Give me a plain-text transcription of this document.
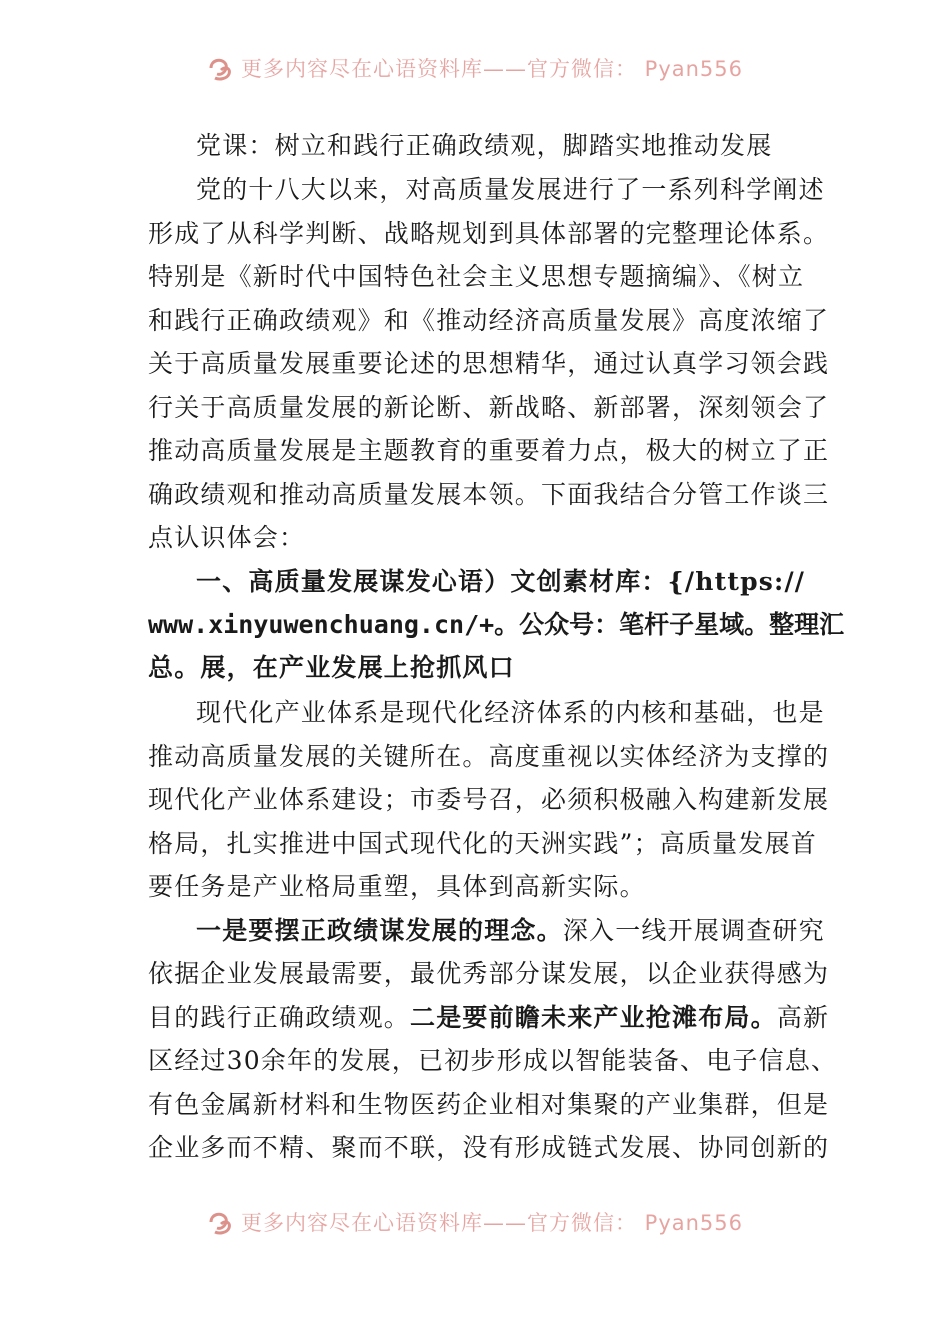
更多内容尽在心语资料库——官方微信： Pyan556
党课：树立和践行正确政绩观，脚踏实地推动发展
党的十八大以来，对高质量发展进行了一系列科学阐述
形成了从科学判断、战略规划到具体部署的完整理论体系。
特别是《新时代中国特色社会主义思想专题摘编》、《树立
和践行正确政绩观》和《推动经济高质量发展》高度浓缩了
关于高质量发展重要论述的思想精华，通过认真学习领会践
行关于高质量发展的新论断、新战略、新部署，深刻领会了
推动高质量发展是主题教育的重要着力点，极大的树立了正
确政绩观和推动高质量发展本领。下面我结合分管工作谈三
点认识体会：
一、高质量发展谋发心语）文创素材库：{/https://
www.xinyuwenchuang.cn/+。公众号：笔杆子星域。整理汇
总。展，在产业发展上抢抓风口
现代化产业体系是现代化经济体系的内核和基础，也是
推动高质量发展的关键所在。高度重视以实体经济为支撑的
现代化产业体系建设；市委号召，必须积极融入构建新发展
格局，扎实推进中国式现代化的天洲实践”；高质量发展首
要任务是产业格局重塑，具体到高新实际。
一是要摆正政绩谋发展的理念。深入一线开展调查研究
依据企业发展最需要，最优秀部分谋发展，以企业获得感为
目的践行正确政绩观。二是要前瞻未来产业抢滩布局。高新
区经过30余年的发展，已初步形成以智能装备、电子信息、
有色金属新材料和生物医药企业相对集聚的产业集群，但是
企业多而不精、聚而不联，没有形成链式发展、协同创新的
更多内容尽在心语资料库——官方微信： Pyan556
